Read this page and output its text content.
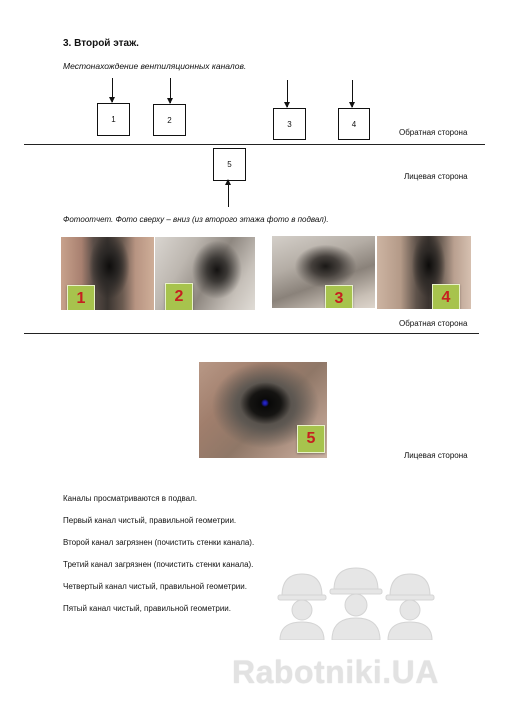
3. Второй этаж.
Местонахождение вентиляционных каналов.
1	2	3	4
Обратная сторона
5
Лицевая сторона
Фотоотчет. Фото сверху – вниз (из второго этажа фото в подвал).
1	2	3	4
Обратная сторона
5
Лицевая сторона
Каналы просматриваются в подвал.
Первый канал чистый, правильной геометрии.
Второй канал загрязнен (почистить стенки канала).
Третий канал загрязнен (почистить стенки канала).
Четвертый канал чистый, правильной геометрии.
Пятый канал чистый, правильной геометрии.
Rabotniki.UA
